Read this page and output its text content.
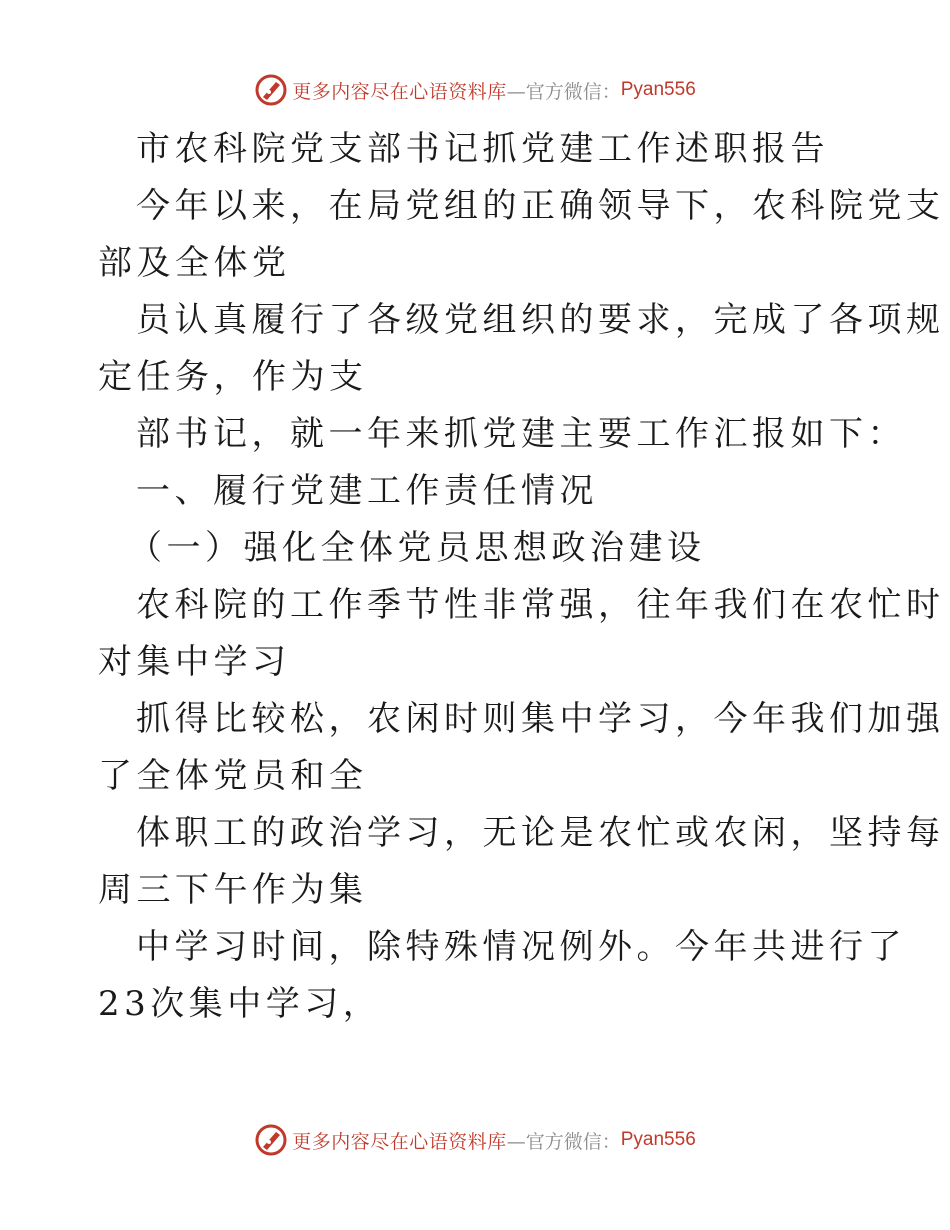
更多内容尽在心语资料库 —官方微信： Pyan556
市农科院党支部书记抓党建工作述职报告
今年以来，在局党组的正确领导下，农科院党支
部及全体党
员认真履行了各级党组织的要求，完成了各项规
定任务，作为支
部书记，就一年来抓党建主要工作汇报如下：
一、履行党建工作责任情况
（一）强化全体党员思想政治建设
农科院的工作季节性非常强，往年我们在农忙时
对集中学习
抓得比较松，农闲时则集中学习，今年我们加强
了全体党员和全
体职工的政治学习，无论是农忙或农闲，坚持每
周三下午作为集
中学习时间，除特殊情况例外。今年共进行了
23次集中学习，
更多内容尽在心语资料库 —官方微信： Pyan556
